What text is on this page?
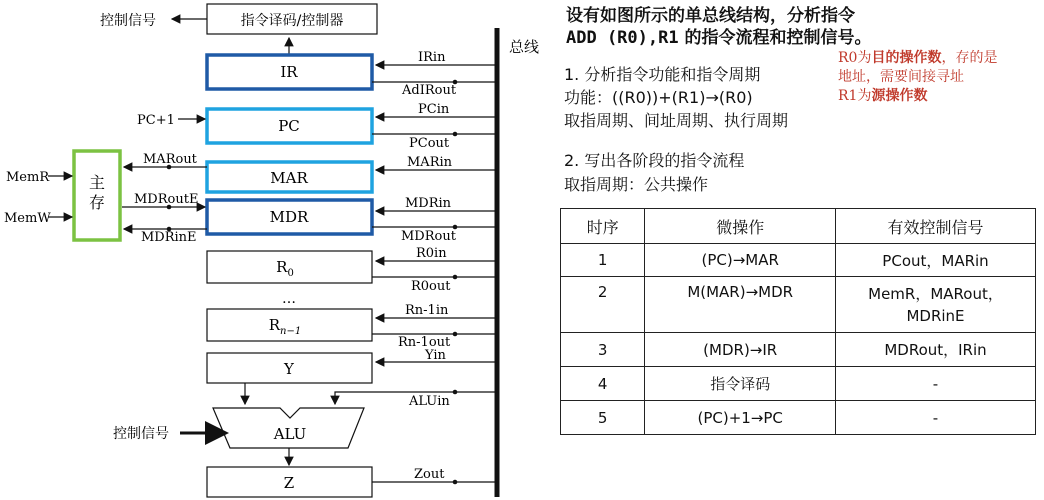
总线
指令译码/控制器
控制信号
IR
IRin
AdIRout
PC
PC+1
PCin
PCout
MAR
MARin
MDR
MDRin
MDRout
主
存
MemR
MemW
MARout
MDRoutE
MDRinE
$R_0$
R0in
R0out
…
$R_{n-1}$
Rn-1in
Rn-1out
Y
Yin
ALU
控制信号
ALUin
Z	Zout
设有如图所示的单总线结构，分析指令
ADD (R0),R1 的指令流程和控制信号。
R0为目的操作数，存的是
地址，需要间接寻址
R1为源操作数
1. 分析指令功能和指令周期
功能：((R0))+(R1)→(R0)
取指周期、间址周期、执行周期
2. 写出各阶段的指令流程
取指周期：公共操作
时序	微操作	有效控制信号
1	(PC)→MAR	PCout，MARin
2	M(MAR)→MDR	MemR，MARout，
MDRinE
3	(MDR)→IR	MDRout，IRin
4	指令译码	-
5	(PC)+1→PC	-
